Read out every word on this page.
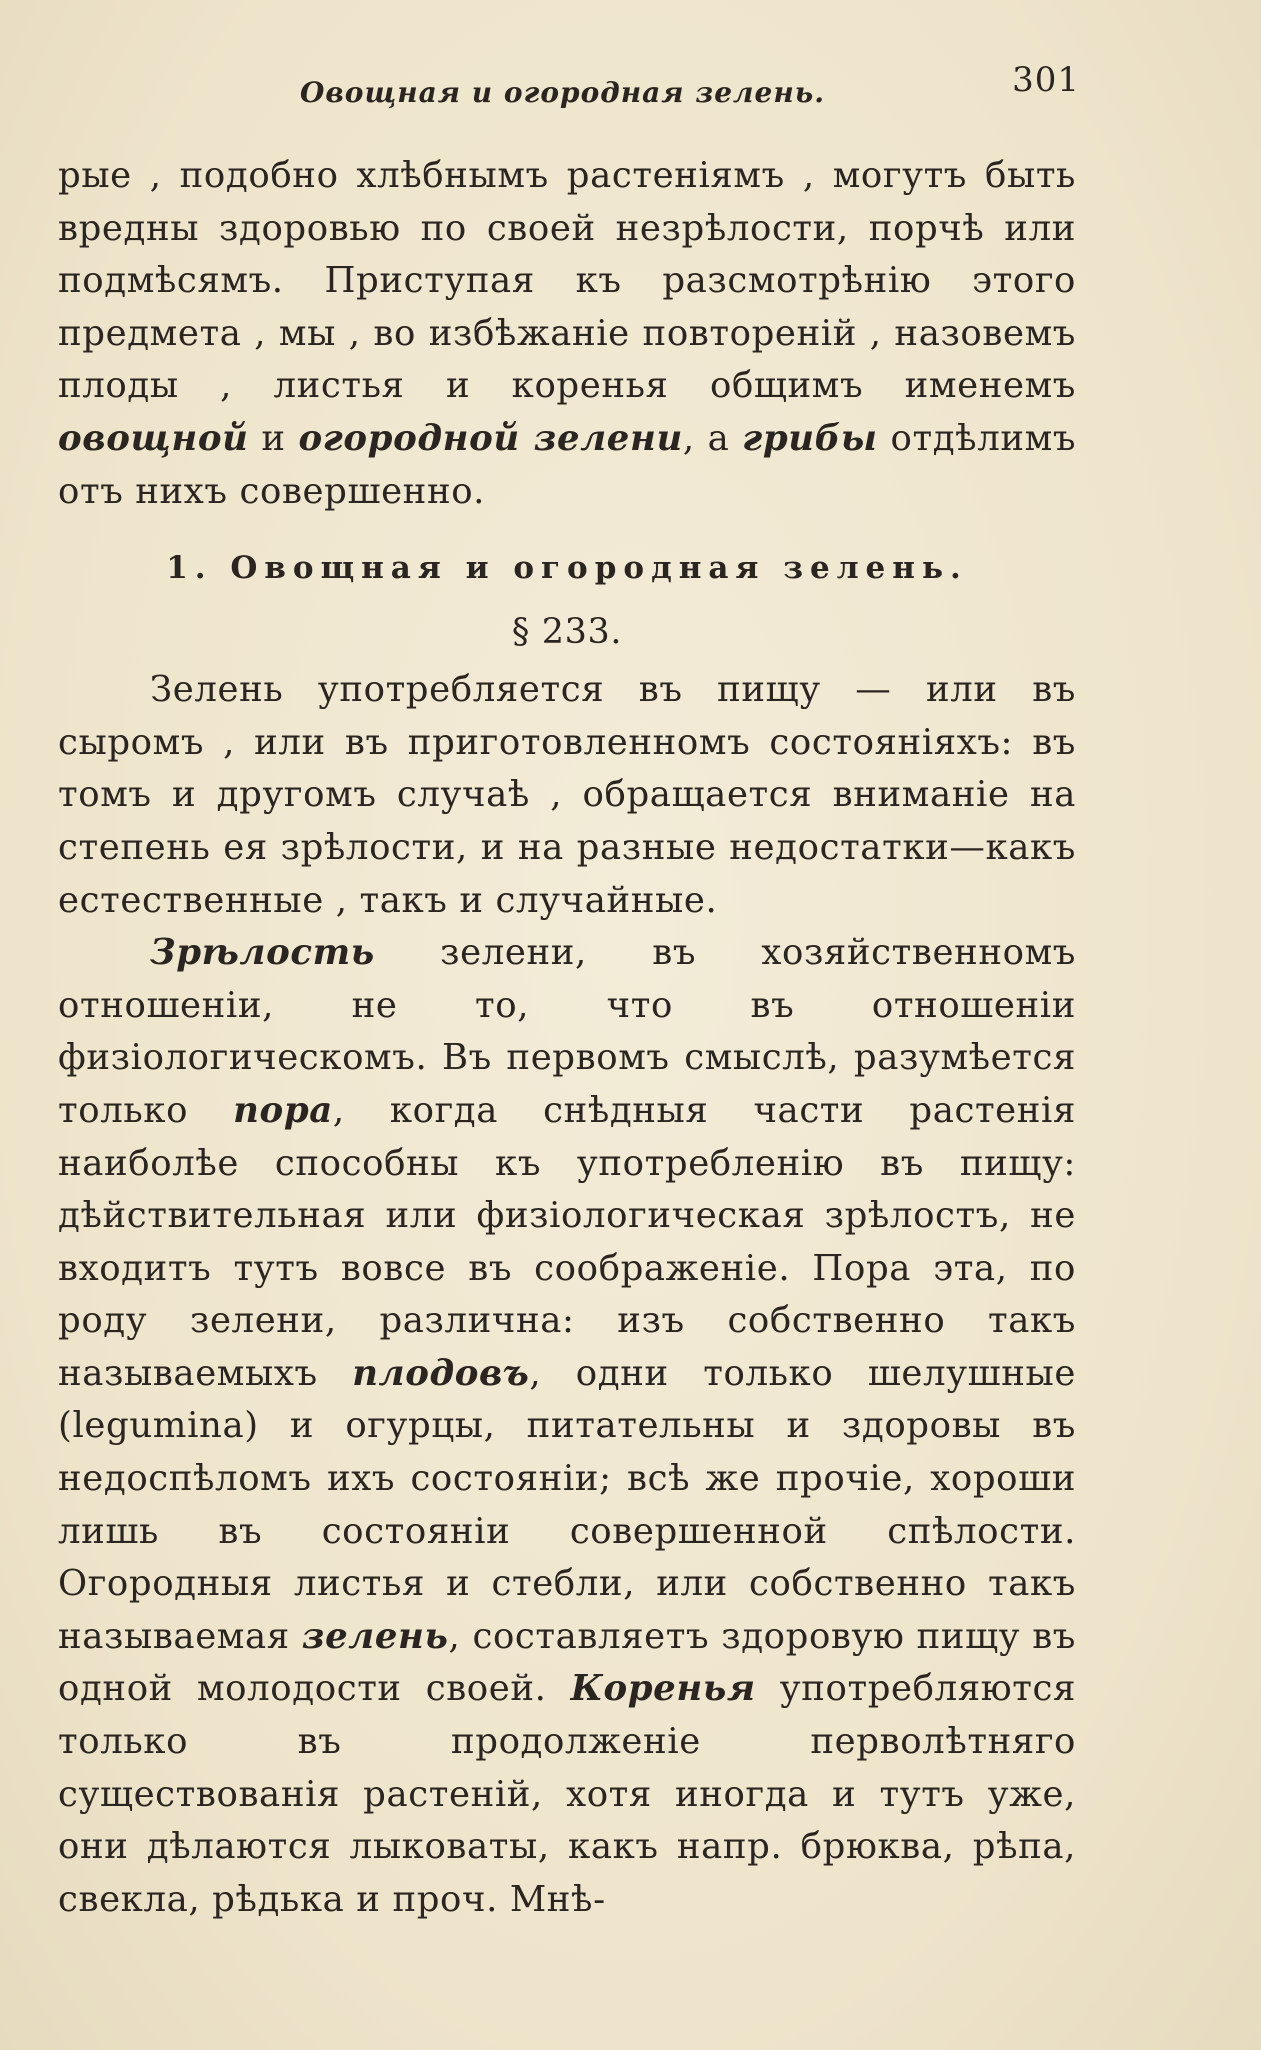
Овощная и огородная зелень.	301

рые , подобно хлѣбнымъ растеніямъ , могутъ быть вредны здоровью по своей незрѣлости, порчѣ или подмѣсямъ. Приступая къ разсмотрѣнію этого предмета , мы , во избѣжаніе повтореній , назовемъ плоды , листья и коренья общимъ именемъ овощной и огородной зелени, а грибы отдѣлимъ отъ нихъ совершенно.

1. Овощная и огородная зелень.

§ 233.

Зелень употребляется въ пищу — или въ сыромъ , или въ приготовленномъ состояніяхъ: въ томъ и другомъ случаѣ , обращается вниманіе на степень ея зрѣлости, и на разные недостатки—какъ естественные , такъ и случайные.

Зрѣлость зелени, въ хозяйственномъ отношеніи, не то, что въ отношеніи физіологическомъ. Въ первомъ смыслѣ, разумѣется только пора, когда снѣдныя части растенія наиболѣе способны къ употребленію въ пищу: дѣйствительная или физіологическая зрѣлостъ, не входитъ тутъ вовсе въ соображеніе. Пора эта, по роду зелени, различна: изъ собственно такъ называемыхъ плодовъ, одни только шелушные (legumina) и огурцы, питательны и здоровы въ недоспѣломъ ихъ состояніи; всѣ же прочіе, хороши лишь въ состояніи совершенной спѣлости. Огородныя листья и стебли, или собственно такъ называемая зелень, составляетъ здоровую пищу въ одной молодости своей. Коренья употребляются только въ продолженіе перволѣтняго существованія растеній, хотя иногда и тутъ уже, они дѣлаются лыковаты, какъ напр. брюква, рѣпа, свекла, рѣдька и проч. Мнѣ-
